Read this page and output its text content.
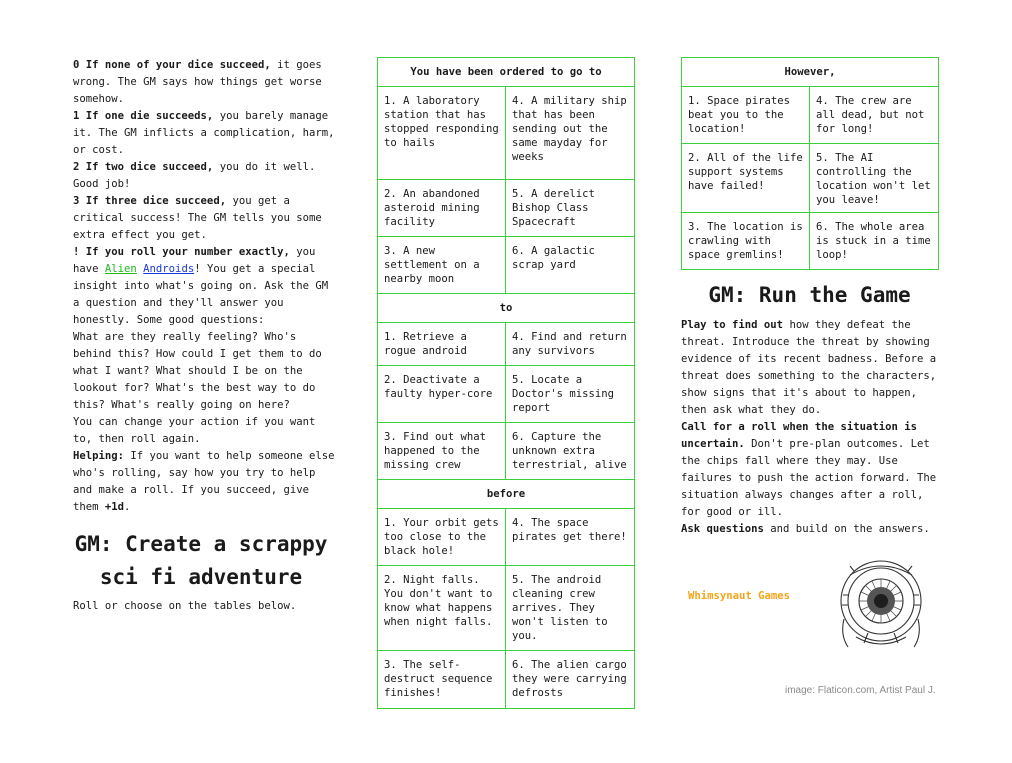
0 If none of your dice succeed, it goes wrong. The GM says how things get worse somehow.

1 If one die succeeds, you barely manage it. The GM inflicts a complication, harm, or cost.

2 If two dice succeed, you do it well. Good job!

3 If three dice succeed, you get a critical success! The GM tells you some extra effect you get.

! If you roll your number exactly, you have Alien Androids! You get a special insight into what's going on. Ask the GM a question and they'll answer you honestly. Some good questions:

What are they really feeling? Who's behind this? How could I get them to do what I want? What should I be on the lookout for? What's the best way to do this? What's really going on here?

You can change your action if you want to, then roll again.

Helping: If you want to help someone else who's rolling, say how you try to help and make a roll. If you succeed, give them +1d.

GM: Create a scrappy

sci fi adventure

Roll or choose on the tables below.
You have been ordered to go to	
1. A laboratory station that has stopped responding to hails	4. A military ship that has been sending out the same mayday for weeks
2. An abandoned asteroid mining facility	5. A derelict Bishop Class Spacecraft
3. A new settlement on a nearby moon	6. A galactic scrap yard
to	
1. Retrieve a rogue android	4. Find and return any survivors
2. Deactivate a faulty hyper-core	5. Locate a Doctor's missing report
3. Find out what happened to the missing crew	6. Capture the unknown extra terrestrial, alive
before	
1. Your orbit gets too close to the black hole!	4. The space pirates get there!
2. Night falls. You don't want to know what happens when night falls.	5. The android cleaning crew arrives. They won't listen to you.
3. The self-destruct sequence finishes!	6. The alien cargo they were carrying defrosts
However,	
1. Space pirates beat you to the location!	4. The crew are all dead, but not for long!
2. All of the life support systems have failed!	5. The AI controlling the location won't let you leave!
3. The location is crawling with space gremlins!	6. The whole area is stuck in a time loop!

GM: Run the Game

Play to find out how they defeat the threat. Introduce the threat by showing evidence of its recent badness. Before a threat does something to the characters, show signs that it's about to happen, then ask what they do.

Call for a roll when the situation is uncertain. Don't pre-plan outcomes. Let the chips fall where they may. Use failures to push the action forward. The situation always changes after a roll, for good or ill.

Ask questions and build on the answers.

Whimsynaut Games
image: Flaticon.com, Artist Paul J.
